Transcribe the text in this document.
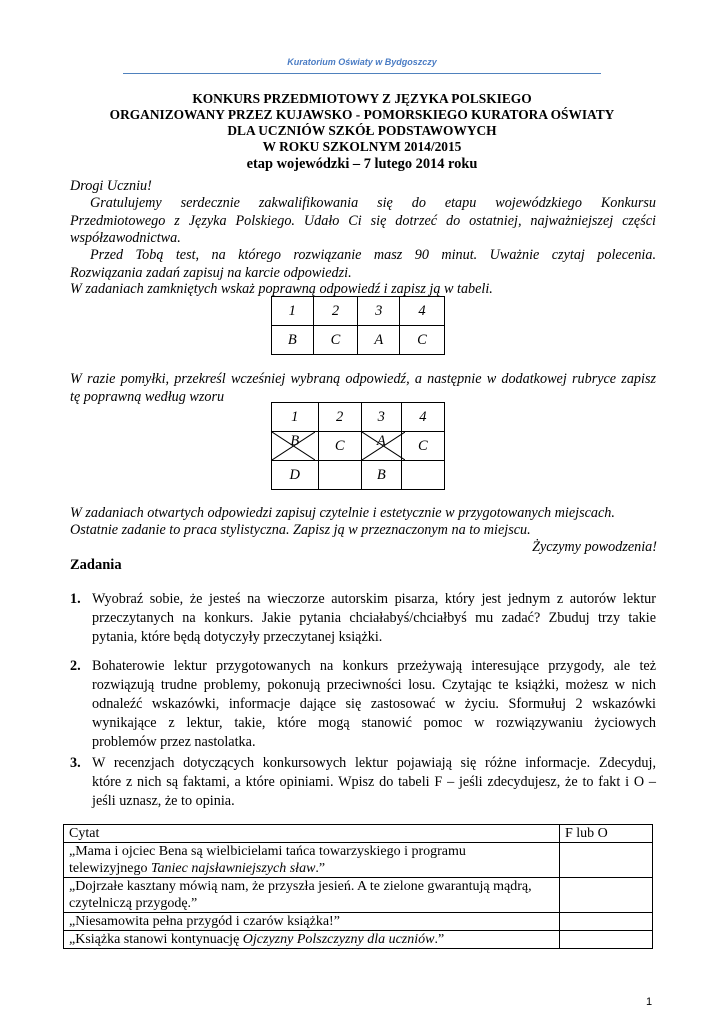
Kuratorium Oświaty w Bydgoszczy
KONKURS PRZEDMIOTOWY Z JĘZYKA POLSKIEGO
ORGANIZOWANY PRZEZ KUJAWSKO - POMORSKIEGO KURATORA OŚWIATY
DLA UCZNIÓW SZKÓŁ PODSTAWOWYCH
W ROKU SZKOLNYM 2014/2015
etap wojewódzki – 7 lutego 2014 roku
Drogi Uczniu!
Gratulujemy serdecznie zakwalifikowania się do etapu wojewódzkiego Konkursu
Przedmiotowego z Języka Polskiego. Udało Ci się dotrzeć do ostatniej, najważniejszej części
współzawodnictwa.
Przed Tobą test, na którego rozwiązanie masz 90 minut. Uważnie czytaj polecenia.
Rozwiązania zadań zapisuj na karcie odpowiedzi.
W zadaniach zamkniętych wskaż poprawną odpowiedź i zapisz ją w tabeli.
1	2	3	4
B	C	A	C
W razie pomyłki, przekreśl wcześniej wybraną odpowiedź, a następnie w dodatkowej rubryce zapisz
tę poprawną według wzoru
1	2	3	4
B	C	A	C
D		B	
W zadaniach otwartych odpowiedzi zapisuj czytelnie i estetycznie w przygotowanych miejscach.
Ostatnie zadanie to praca stylistyczna. Zapisz ją w przeznaczonym na to miejscu.
Życzymy powodzenia!
Zadania
1. Wyobraź sobie, że jesteś na wieczorze autorskim pisarza, który jest jednym z autorów lektur
przeczytanych na konkurs. Jakie pytania chciałabyś/chciałbyś mu zadać? Zbuduj trzy takie
pytania, które będą dotyczyły przeczytanej książki.
2. Bohaterowie lektur przygotowanych na konkurs przeżywają interesujące przygody, ale też
rozwiązują trudne problemy, pokonują przeciwności losu. Czytając te książki, możesz w nich
odnaleźć wskazówki, informacje dające się zastosować w życiu. Sformułuj 2 wskazówki
wynikające z lektur, takie, które mogą stanowić pomoc w rozwiązywaniu życiowych
problemów przez nastolatka.
3. W recenzjach dotyczących konkursowych lektur pojawiają się różne informacje. Zdecyduj,
które z nich są faktami, a które opiniami. Wpisz do tabeli F – jeśli zdecydujesz, że to fakt i O –
jeśli uznasz, że to opinia.
Cytat	F lub O
„Mama i ojciec Bena są wielbicielami tańca towarzyskiego i programu
telewizyjnego Taniec najsławniejszych sław.”	
„Dojrzałe kasztany mówią nam, że przyszła jesień. A te zielone gwarantują mądrą,
czytelniczą przygodę.”	
„Niesamowita pełna przygód i czarów książka!”	
„Książka stanowi kontynuację Ojczyzny Polszczyzny dla uczniów.”	
1
